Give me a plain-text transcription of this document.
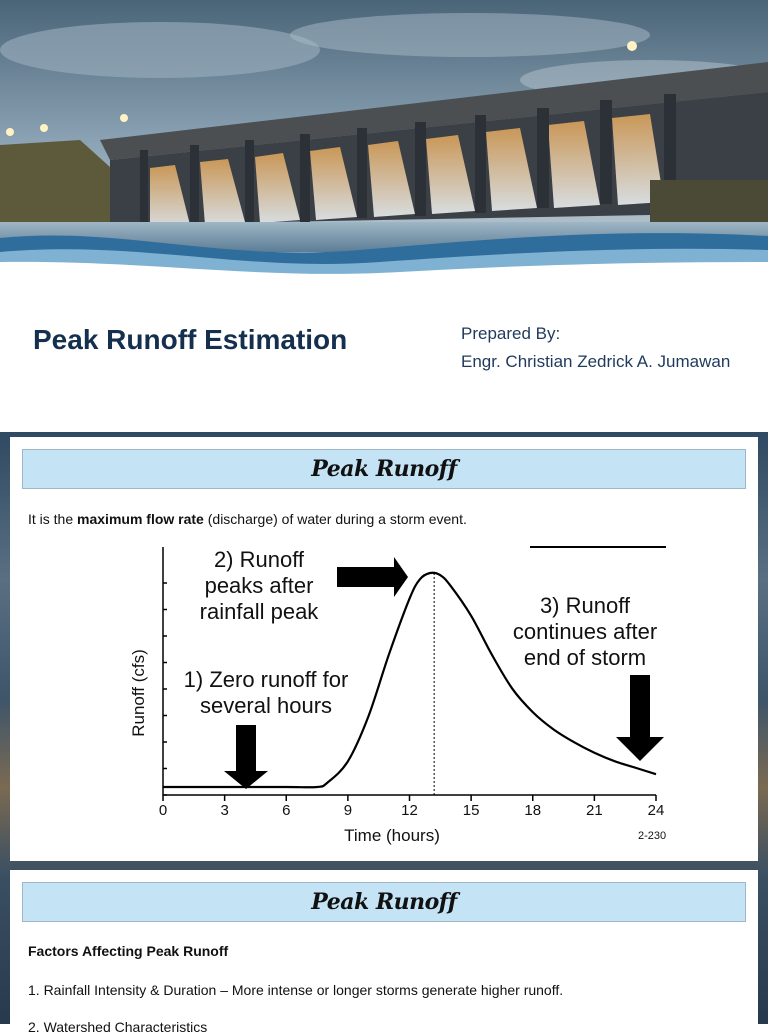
Peak Runoff Estimation	Prepared By:
Engr. Christian Zedrick A. Jumawan
Peak Runoff
It is the maximum flow rate (discharge) of water during a storm event.
0	3	6	9	12	15	18	21	24
Time (hours)
Runoff (cfs)
2) Runoff
peaks after
rainfall peak	3) Runoff
continues after
end of storm
1) Zero runoff for
several hours
2-230
Peak Runoff
Factors Affecting Peak Runoff
1. Rainfall Intensity & Duration – More intense or longer storms generate higher runoff.
2. Watershed Characteristics
